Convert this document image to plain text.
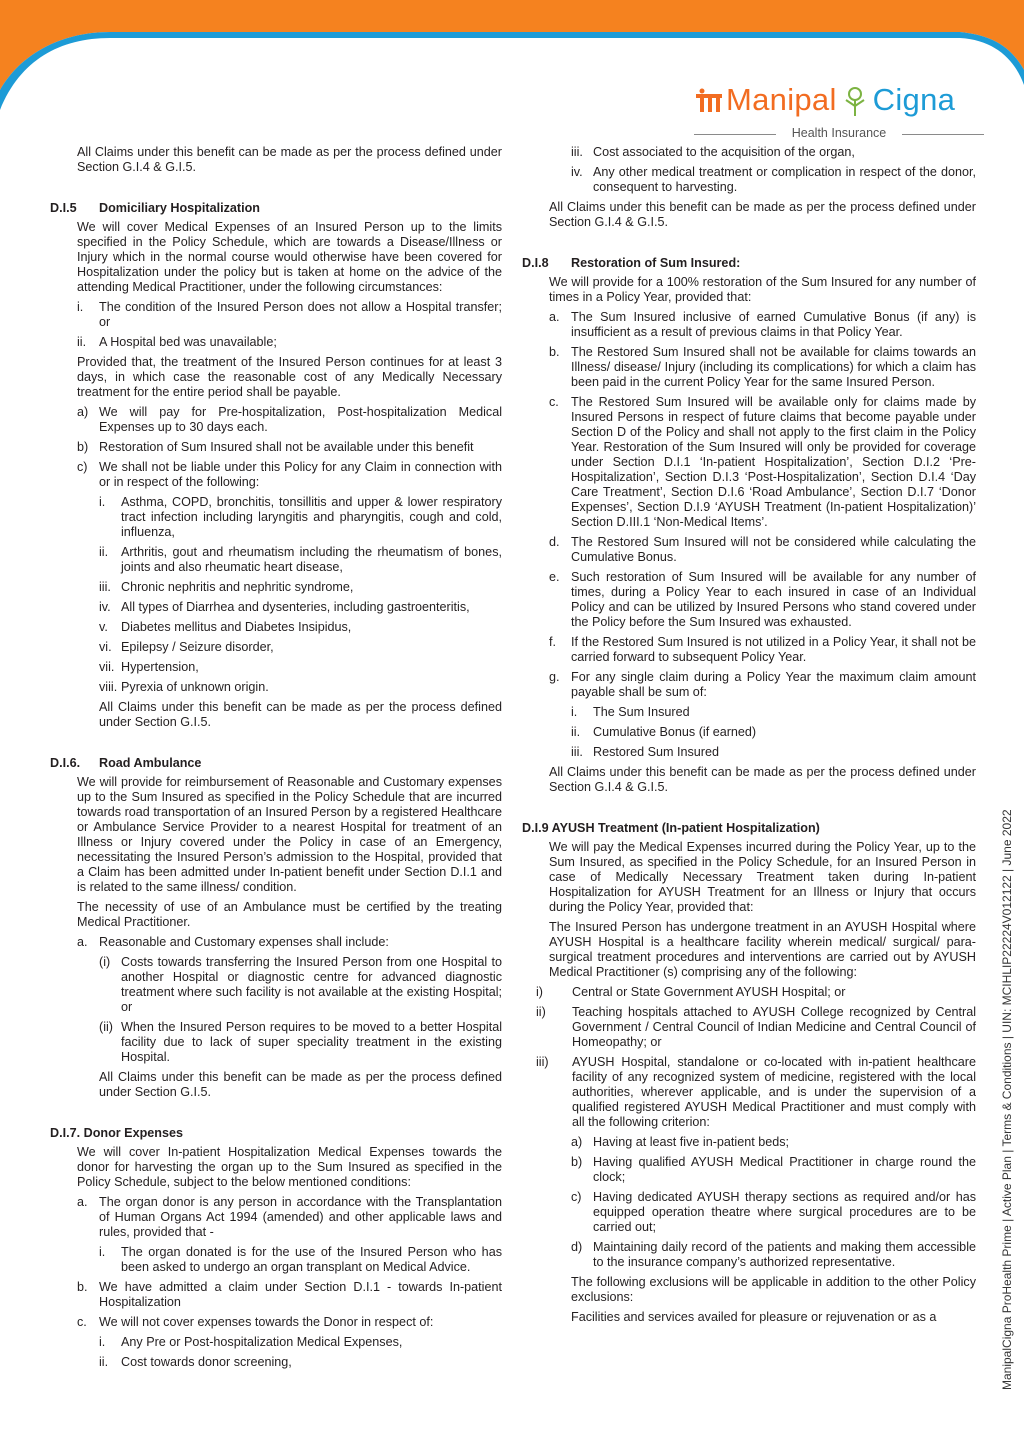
Manipal Cigna
Health Insurance

All Claims under this benefit can be made as per the process defined under Section G.I.4 & G.I.5.

D.I.5 Domiciliary Hospitalization

We will cover Medical Expenses of an Insured Person up to the limits specified in the Policy Schedule, which are towards a Disease/Illness or Injury which in the normal course would otherwise have been covered for Hospitalization under the policy but is taken at home on the advice of the attending Medical Practitioner, under the following circumstances:

i. The condition of the Insured Person does not allow a Hospital transfer; or
ii. A Hospital bed was unavailable;

Provided that, the treatment of the Insured Person continues for at least 3 days, in which case the reasonable cost of any Medically Necessary treatment for the entire period shall be payable.

a) We will pay for Pre-hospitalization, Post-hospitalization Medical Expenses up to 30 days each.
b) Restoration of Sum Insured shall not be available under this benefit
c) We shall not be liable under this Policy for any Claim in connection with or in respect of the following:
i. Asthma, COPD, bronchitis, tonsillitis and upper & lower respiratory tract infection including laryngitis and pharyngitis, cough and cold, influenza,
ii. Arthritis, gout and rheumatism including the rheumatism of bones, joints and also rheumatic heart disease,
iii. Chronic nephritis and nephritic syndrome,
iv. All types of Diarrhea and dysenteries, including gastroenteritis,
v. Diabetes mellitus and Diabetes Insipidus,
vi. Epilepsy / Seizure disorder,
vii. Hypertension,
viii. Pyrexia of unknown origin.

All Claims under this benefit can be made as per the process defined under Section G.I.5.

D.I.6. Road Ambulance

We will provide for reimbursement of Reasonable and Customary expenses up to the Sum Insured as specified in the Policy Schedule that are incurred towards road transportation of an Insured Person by a registered Healthcare or Ambulance Service Provider to a nearest Hospital for treatment of an Illness or Injury covered under the Policy in case of an Emergency, necessitating the Insured Person’s admission to the Hospital, provided that a Claim has been admitted under In-patient benefit under Section D.I.1 and is related to the same illness/ condition.

The necessity of use of an Ambulance must be certified by the treating Medical Practitioner.

a. Reasonable and Customary expenses shall include:
(i) Costs towards transferring the Insured Person from one Hospital to another Hospital or diagnostic centre for advanced diagnostic treatment where such facility is not available at the existing Hospital; or
(ii) When the Insured Person requires to be moved to a better Hospital facility due to lack of super speciality treatment in the existing Hospital.

All Claims under this benefit can be made as per the process defined under Section G.I.5.

D.I.7. Donor Expenses

We will cover In-patient Hospitalization Medical Expenses towards the donor for harvesting the organ up to the Sum Insured as specified in the Policy Schedule, subject to the below mentioned conditions:

a. The organ donor is any person in accordance with the Transplantation of Human Organs Act 1994 (amended) and other applicable laws and rules, provided that -
i. The organ donated is for the use of the Insured Person who has been asked to undergo an organ transplant on Medical Advice.
b. We have admitted a claim under Section D.I.1 - towards In-patient Hospitalization
c. We will not cover expenses towards the Donor in respect of:
i. Any Pre or Post-hospitalization Medical Expenses,
ii. Cost towards donor screening,
iii. Cost associated to the acquisition of the organ,
iv. Any other medical treatment or complication in respect of the donor, consequent to harvesting.

All Claims under this benefit can be made as per the process defined under Section G.I.4 & G.I.5.

D.I.8 Restoration of Sum Insured:

We will provide for a 100% restoration of the Sum Insured for any number of times in a Policy Year, provided that:

a. The Sum Insured inclusive of earned Cumulative Bonus (if any) is insufficient as a result of previous claims in that Policy Year.
b. The Restored Sum Insured shall not be available for claims towards an Illness/ disease/ Injury (including its complications) for which a claim has been paid in the current Policy Year for the same Insured Person.
c. The Restored Sum Insured will be available only for claims made by Insured Persons in respect of future claims that become payable under Section D of the Policy and shall not apply to the first claim in the Policy Year. Restoration of the Sum Insured will only be provided for coverage under Section D.I.1 ‘In-patient Hospitalization’, Section D.I.2 ‘Pre-Hospitalization’, Section D.I.3 ‘Post-Hospitalization’, Section D.I.4 ‘Day Care Treatment’, Section D.I.6 ‘Road Ambulance’, Section D.I.7 ‘Donor Expenses’, Section D.I.9 ‘AYUSH Treatment (In-patient Hospitalization)’ Section D.III.1 ‘Non-Medical Items’.
d. The Restored Sum Insured will not be considered while calculating the Cumulative Bonus.
e. Such restoration of Sum Insured will be available for any number of times, during a Policy Year to each insured in case of an Individual Policy and can be utilized by Insured Persons who stand covered under the Policy before the Sum Insured was exhausted.
f. If the Restored Sum Insured is not utilized in a Policy Year, it shall not be carried forward to subsequent Policy Year.
g. For any single claim during a Policy Year the maximum claim amount payable shall be sum of:
i. The Sum Insured
ii. Cumulative Bonus (if earned)
iii. Restored Sum Insured

All Claims under this benefit can be made as per the process defined under Section G.I.4 & G.I.5.

D.I.9 AYUSH Treatment (In-patient Hospitalization)

We will pay the Medical Expenses incurred during the Policy Year, up to the Sum Insured, as specified in the Policy Schedule, for an Insured Person in case of Medically Necessary Treatment taken during In-patient Hospitalization for AYUSH Treatment for an Illness or Injury that occurs during the Policy Year, provided that:

The Insured Person has undergone treatment in an AYUSH Hospital where AYUSH Hospital is a healthcare facility wherein medical/ surgical/ para-surgical treatment procedures and interventions are carried out by AYUSH Medical Practitioner (s) comprising any of the following:

i) Central or State Government AYUSH Hospital; or
ii) Teaching hospitals attached to AYUSH College recognized by Central Government / Central Council of Indian Medicine and Central Council of Homeopathy; or
iii) AYUSH Hospital, standalone or co-located with in-patient healthcare facility of any recognized system of medicine, registered with the local authorities, wherever applicable, and is under the supervision of a qualified registered AYUSH Medical Practitioner and must comply with all the following criterion:
a) Having at least five in-patient beds;
b) Having qualified AYUSH Medical Practitioner in charge round the clock;
c) Having dedicated AYUSH therapy sections as required and/or has equipped operation theatre where surgical procedures are to be carried out;
d) Maintaining daily record of the patients and making them accessible to the insurance company’s authorized representative.

The following exclusions will be applicable in addition to the other Policy exclusions:

Facilities and services availed for pleasure or rejuvenation or as a	ManipalCigna ProHealth Prime | Active Plan | Terms & Conditions | UIN: MCIHLIP22224V012122 | June 2022
